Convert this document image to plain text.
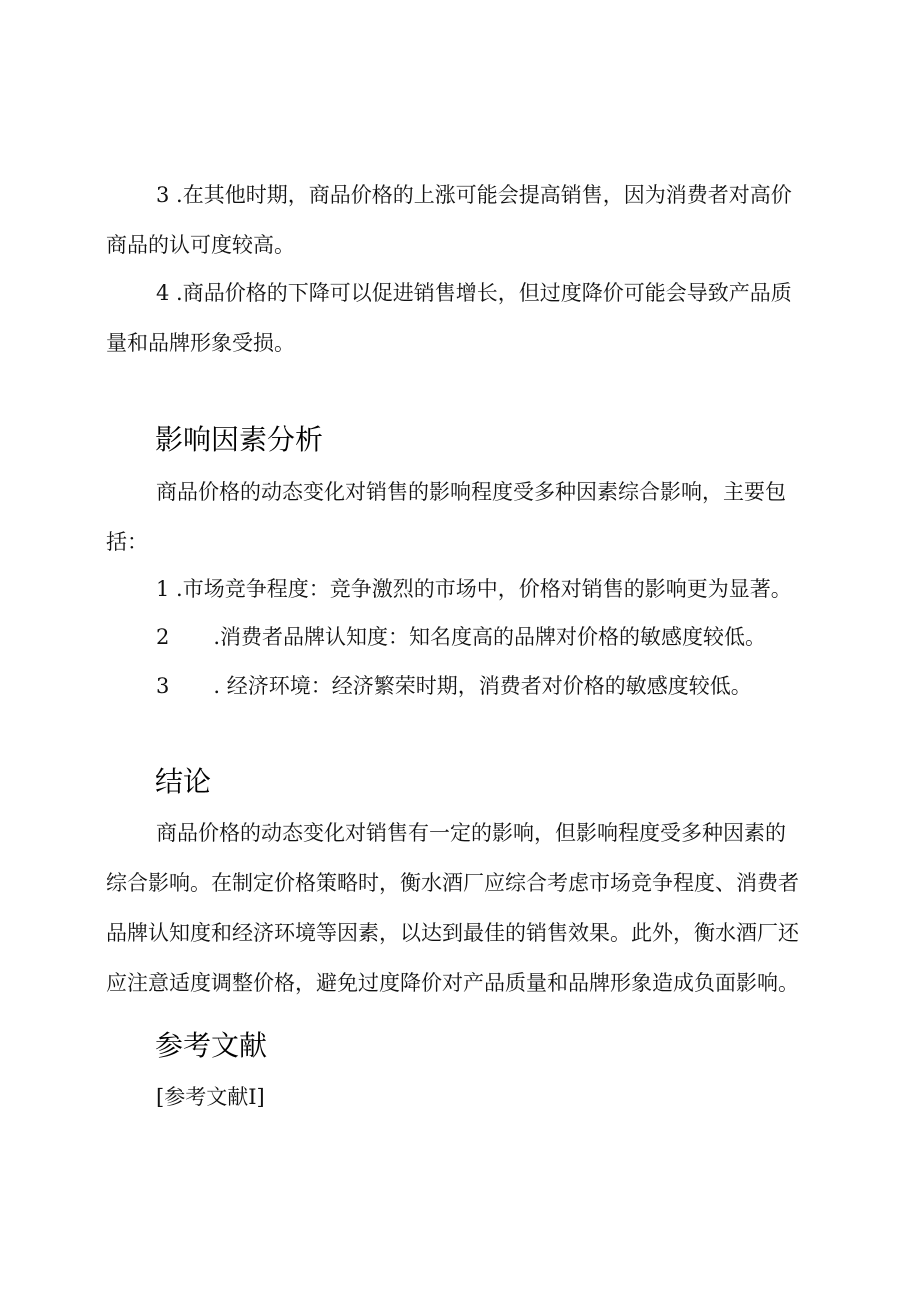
3 .在其他时期，商品价格的上涨可能会提高销售，因为消费者对高价
商品的认可度较高。
4 .商品价格的下降可以促进销售增长，但过度降价可能会导致产品质
量和品牌形象受损。
影响因素分析
商品价格的动态变化对销售的影响程度受多种因素综合影响，主要包
括：
1 .市场竞争程度：竞争激烈的市场中，价格对销售的影响更为显著。
2 .消费者品牌认知度：知名度高的品牌对价格的敏感度较低。
3 . 经济环境：经济繁荣时期，消费者对价格的敏感度较低。
结论
商品价格的动态变化对销售有一定的影响，但影响程度受多种因素的
综合影响。在制定价格策略时，衡水酒厂应综合考虑市场竞争程度、消费者
品牌认知度和经济环境等因素，以达到最佳的销售效果。此外，衡水酒厂还
应注意适度调整价格，避免过度降价对产品质量和品牌形象造成负面影响。
参考文献
[参考文献I]
